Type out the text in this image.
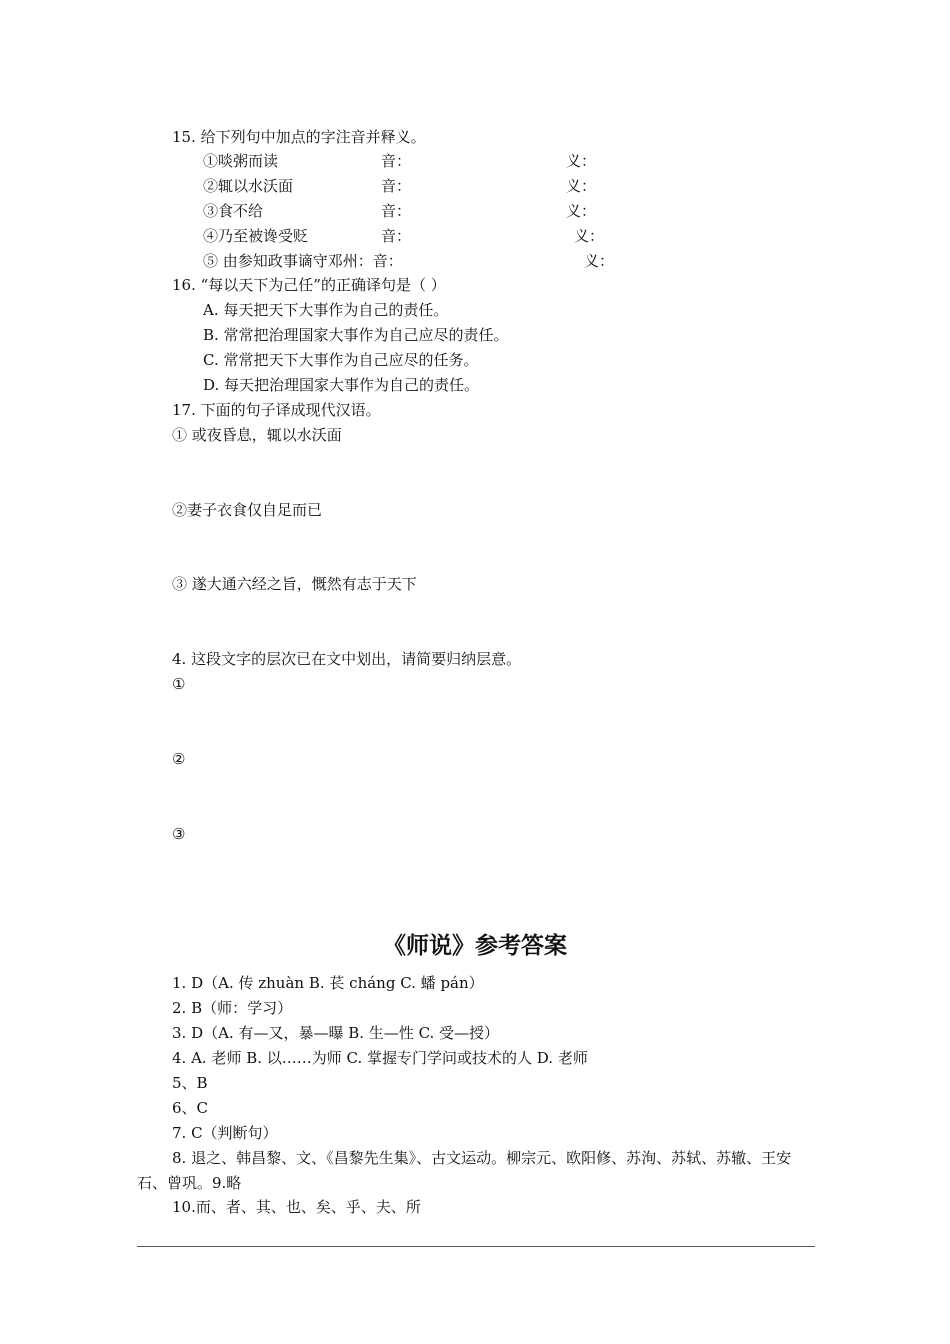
15. 给下列句中加点的字注音并释义。
①啖粥而读	音：	义：
②辄以水沃面	音：	义：
③食不给	音：	义：
④乃至被谗受贬	音：	义：
⑤ 由参知政事谪守邓州：音：	义：
16. “每以天下为己任”的正确译句是（ ）
A. 每天把天下大事作为自己的责任。
B. 常常把治理国家大事作为自己应尽的责任。
C. 常常把天下大事作为自己应尽的任务。
D. 每天把治理国家大事作为自己的责任。
17. 下面的句子译成现代汉语。
① 或夜昏息，辄以水沃面
②妻子衣食仅自足而已
③ 遂大通六经之旨，慨然有志于天下
4. 这段文字的层次已在文中划出，请简要归纳层意。
①
②
③
《师说》参考答案
1. D（A. 传 zhuàn B. 苌 cháng C. 蟠 pán）
2. B（师：学习）
3. D（A. 有—又，暴—曝 B. 生—性 C. 受—授）
4. A. 老师 B. 以……为师 C. 掌握专门学问或技术的人 D. 老师
5、B
6、C
7. C（判断句）
8. 退之、韩昌黎、文、《昌黎先生集》、古文运动。柳宗元、欧阳修、苏洵、苏轼、苏辙、王安
石、曾巩。9.略
10.而、者、其、也、矣、乎、夫、所
